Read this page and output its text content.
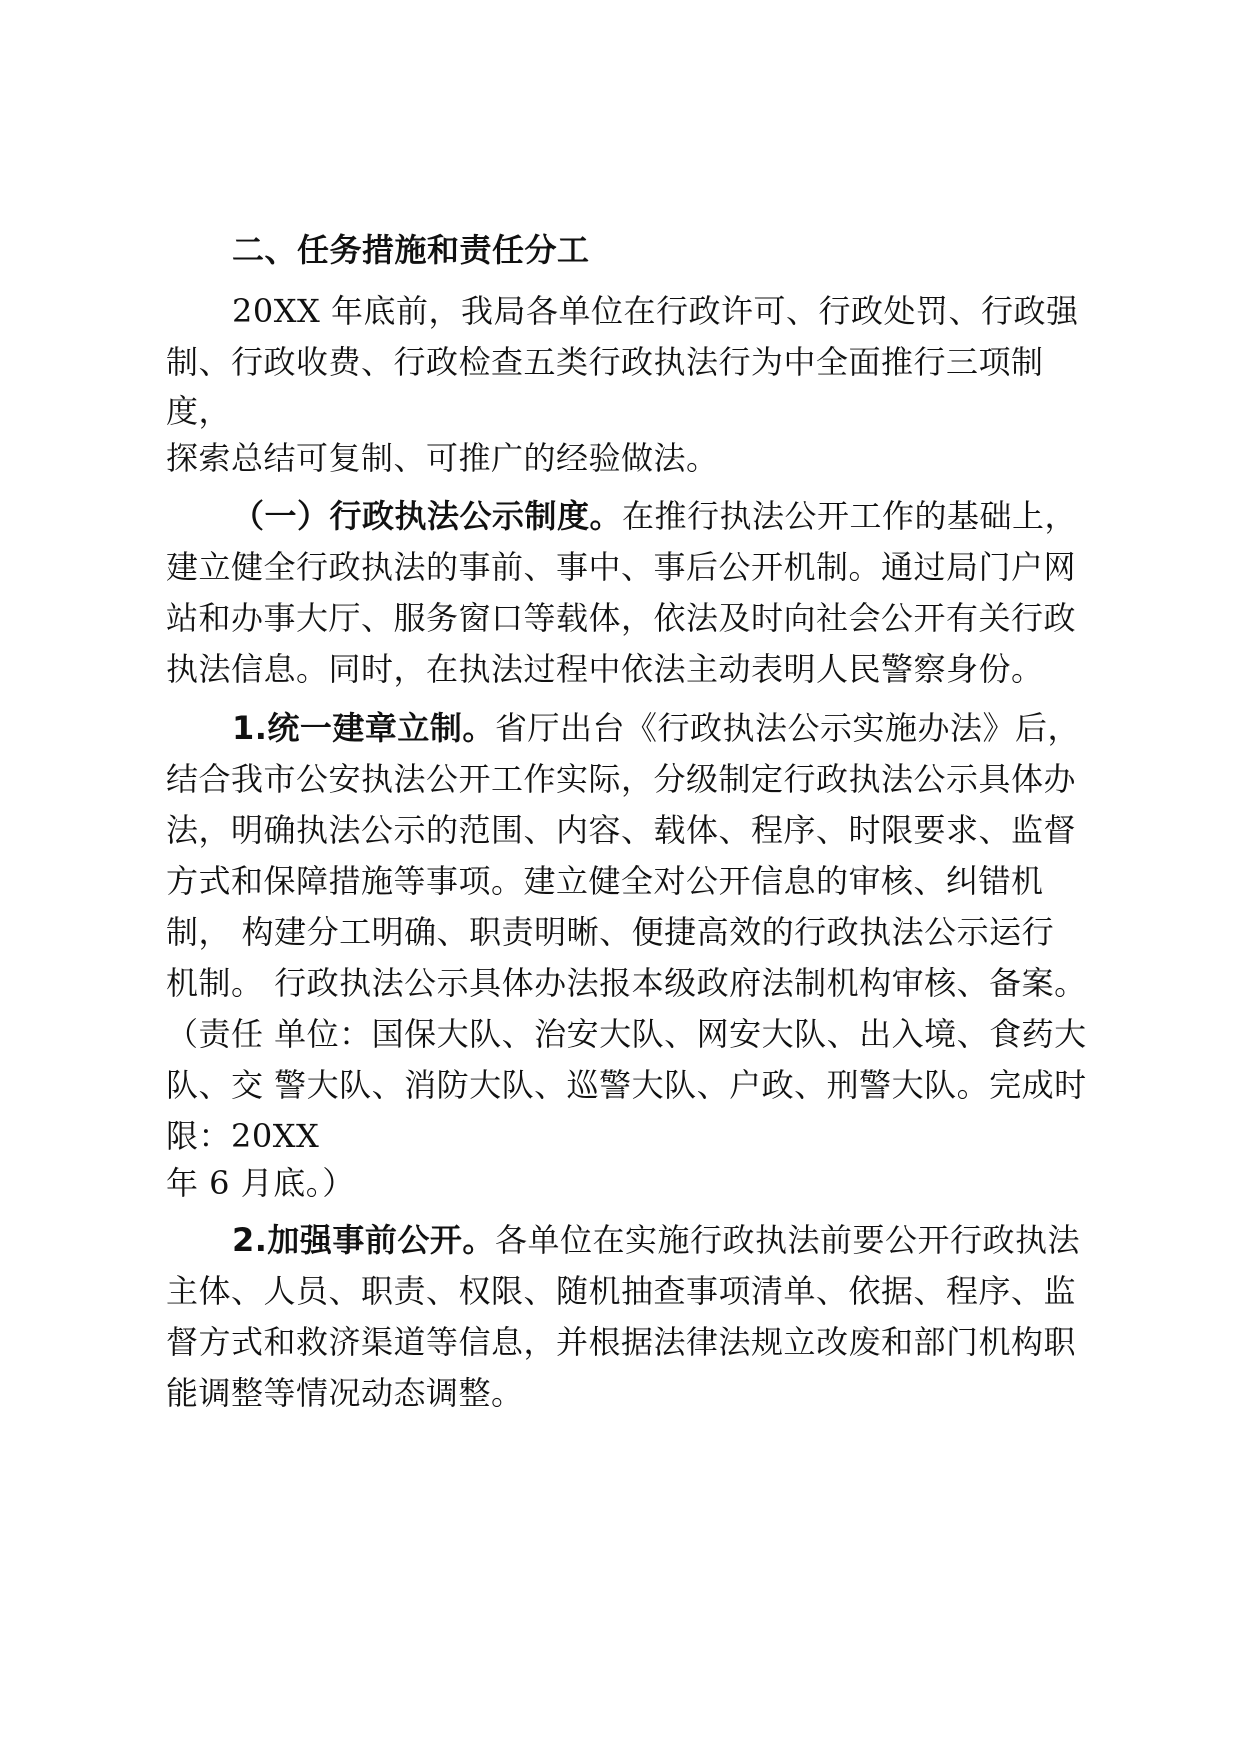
二、任务措施和责任分工
20XX 年底前，我局各单位在行政许可、行政处罚、行政强
制、行政收费、行政检查五类行政执法行为中全面推行三项制
度，
探索总结可复制、可推广的经验做法。
（一）行政执法公示制度。在推行执法公开工作的基础上，
建立健全行政执法的事前、事中、事后公开机制。通过局门户网
站和办事大厅、服务窗口等载体，依法及时向社会公开有关行政
执法信息。同时，在执法过程中依法主动表明人民警察身份。
1.统一建章立制。省厅出台《行政执法公示实施办法》后，
结合我市公安执法公开工作实际，分级制定行政执法公示具体办
法，明确执法公示的范围、内容、载体、程序、时限要求、监督
方式和保障措施等事项。建立健全对公开信息的审核、纠错机
制， 构建分工明确、职责明晰、便捷高效的行政执法公示运行
机制。 行政执法公示具体办法报本级政府法制机构审核、备案。
（责任 单位：国保大队、治安大队、网安大队、出入境、食药大
队、交 警大队、消防大队、巡警大队、户政、刑警大队。完成时
限：20XX
年 6 月底。）
2.加强事前公开。各单位在实施行政执法前要公开行政执法
主体、人员、职责、权限、随机抽查事项清单、依据、程序、监
督方式和救济渠道等信息，并根据法律法规立改废和部门机构职
能调整等情况动态调整。
